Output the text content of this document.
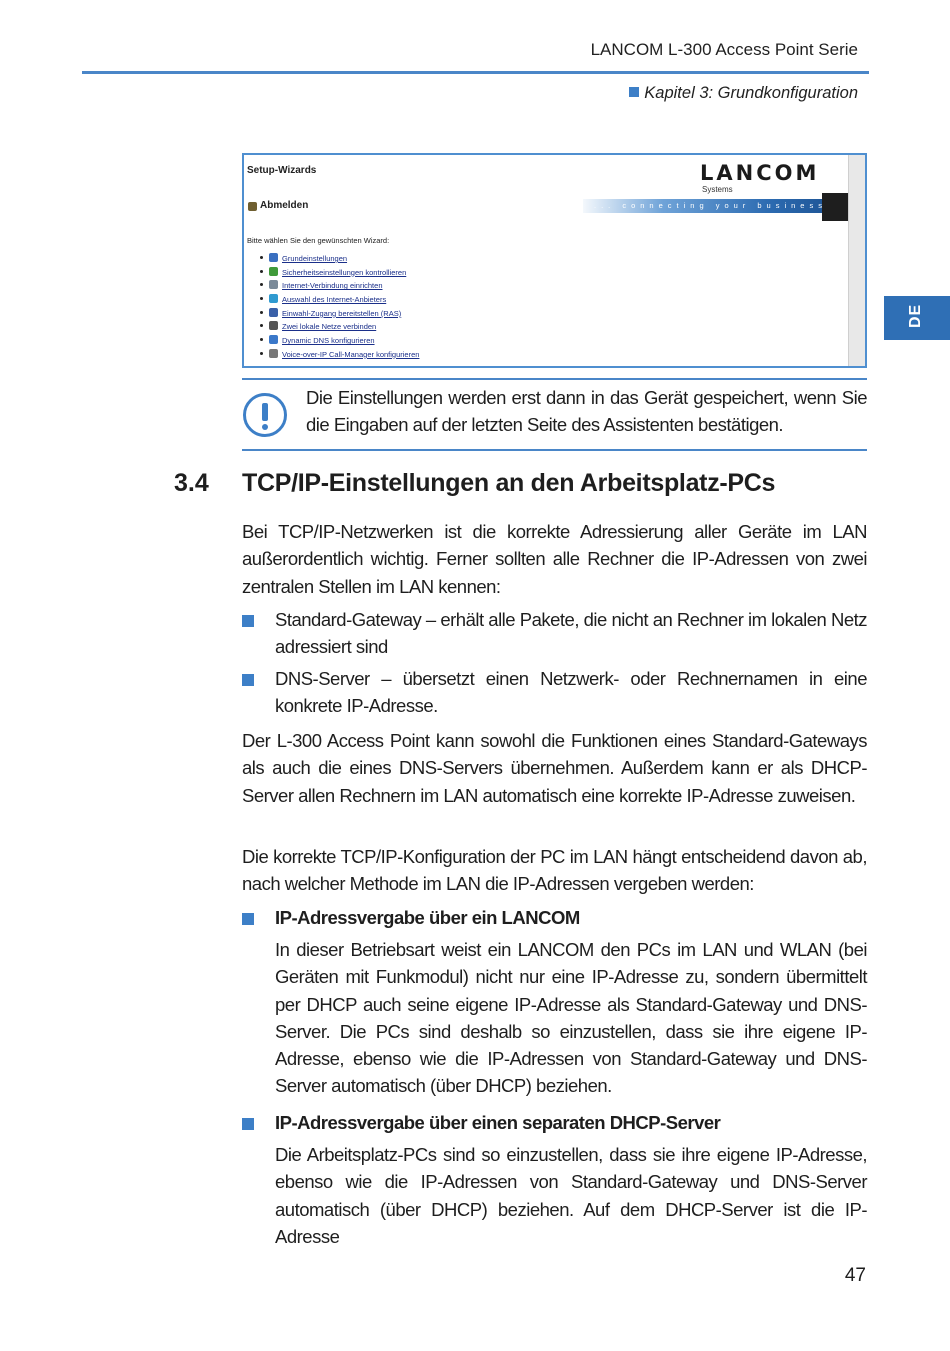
LANCOM L-300 Access Point Serie
Kapitel 3: Grundkonfiguration
DE
Setup-Wizards
Abmelden	... connecting your business
LANCOM
Systems
Bitte wählen Sie den gewünschten Wizard:
Grundeinstellungen
Sicherheitseinstellungen kontrollieren
Internet-Verbindung einrichten
Auswahl des Internet-Anbieters
Einwahl-Zugang bereitstellen (RAS)
Zwei lokale Netze verbinden
Dynamic DNS konfigurieren
Voice-over-IP Call-Manager konfigurieren
Die Einstellungen werden erst dann in das Gerät gespeichert, wenn Sie die Eingaben auf der letzten Seite des Assistenten bestätigen.
3.4 TCP/IP-Einstellungen an den Arbeitsplatz-PCs
Bei TCP/IP-Netzwerken ist die korrekte Adressierung aller Geräte im LAN außerordentlich wichtig. Ferner sollten alle Rechner die IP-Adressen von zwei zentralen Stellen im LAN kennen:
Standard-Gateway – erhält alle Pakete, die nicht an Rechner im lokalen Netz adressiert sind
DNS-Server – übersetzt einen Netzwerk- oder Rechnernamen in eine konkrete IP-Adresse.
Der L-300 Access Point kann sowohl die Funktionen eines Standard-Gateways als auch die eines DNS-Servers übernehmen. Außerdem kann er als DHCP-Server allen Rechnern im LAN automatisch eine korrekte IP-Adresse zuweisen.
Die korrekte TCP/IP-Konfiguration der PC im LAN hängt entscheidend davon ab, nach welcher Methode im LAN die IP-Adressen vergeben werden:
IP-Adressvergabe über ein LANCOM
In dieser Betriebsart weist ein LANCOM den PCs im LAN und WLAN (bei Geräten mit Funkmodul) nicht nur eine IP-Adresse zu, sondern übermittelt per DHCP auch seine eigene IP-Adresse als Standard-Gateway und DNS-Server. Die PCs sind deshalb so einzustellen, dass sie ihre eigene IP-Adresse, ebenso wie die IP-Adressen von Standard-Gateway und DNS-Server automatisch (über DHCP) beziehen.
IP-Adressvergabe über einen separaten DHCP-Server
Die Arbeitsplatz-PCs sind so einzustellen, dass sie ihre eigene IP-Adresse, ebenso wie die IP-Adressen von Standard-Gateway und DNS-Server automatisch (über DHCP) beziehen. Auf dem DHCP-Server ist die IP-Adresse
47
